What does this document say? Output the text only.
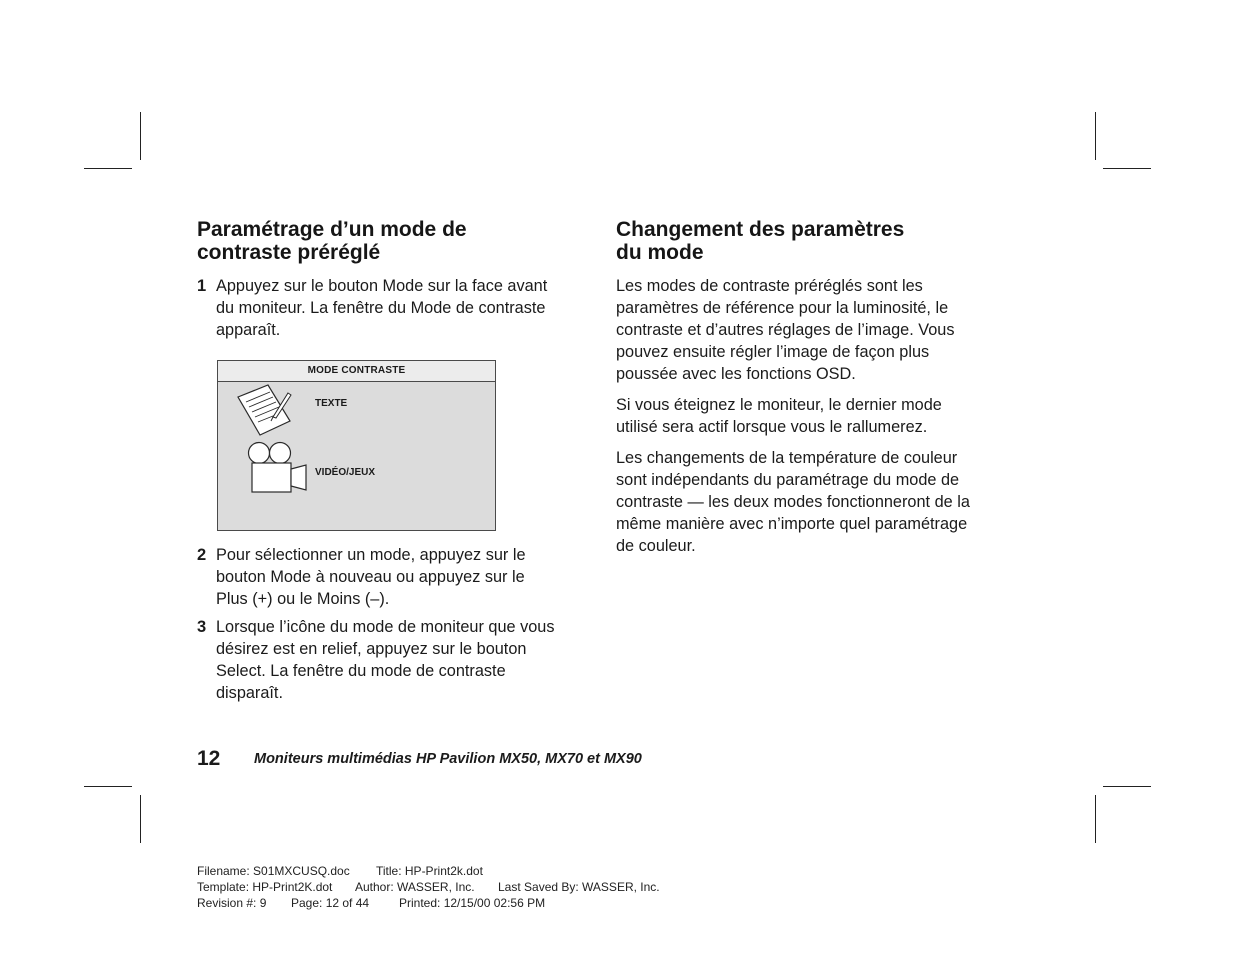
Paramétrage d’un mode de
contraste préréglé
1 Appuyez sur le bouton Mode sur la face avant
du moniteur. La fenêtre du Mode de contraste
apparaît.
MODE CONTRASTE
TEXTE
VIDÉO/JEUX
2 Pour sélectionner un mode, appuyez sur le
bouton Mode à nouveau ou appuyez sur le
Plus (+) ou le Moins (–).
3 Lorsque l’icône du mode de moniteur que vous
désirez est en relief, appuyez sur le bouton
Select. La fenêtre du mode de contraste
disparaît.
Changement des paramètres
du mode
Les modes de contraste préréglés sont les
paramètres de référence pour la luminosité, le
contraste et d’autres réglages de l’image. Vous
pouvez ensuite régler l’image de façon plus
poussée avec les fonctions OSD.
Si vous éteignez le moniteur, le dernier mode
utilisé sera actif lorsque vous le rallumerez.
Les changements de la température de couleur
sont indépendants du paramétrage du mode de
contraste — les deux modes fonctionneront de la
même manière avec n’importe quel paramétrage
de couleur.
12 Moniteurs multimédias HP Pavilion MX50, MX70 et MX90
Filename: S01MXCUSQ.doc Title: HP-Print2k.dot
Template: HP-Print2K.dot Author: WASSER, Inc. Last Saved By: WASSER, Inc.
Revision #: 9 Page: 12 of 44 Printed: 12/15/00 02:56 PM
